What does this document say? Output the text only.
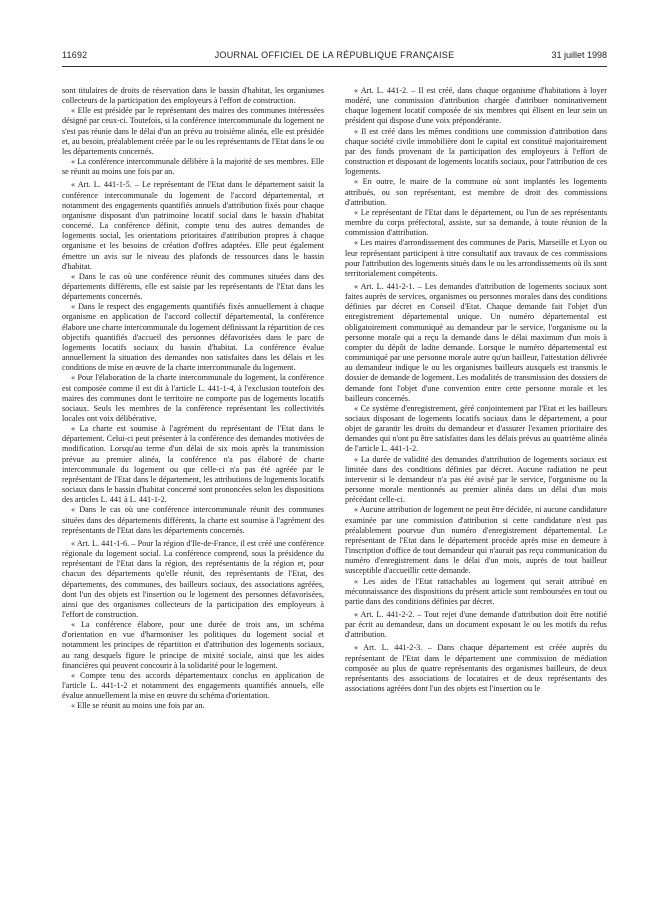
11692	JOURNAL OFFICIEL DE LA RÉPUBLIQUE FRANÇAISE	31 juillet 1998

sont titulaires de droits de réservation dans le bassin d'habitat, les organismes collecteurs de la participation des employeurs à l'effort de construction.

« Elle est présidée par le représentant des maires des communes intéressées désigné par ceux-ci. Toutefois, si la conférence intercommunale du logement ne s'est pas réunie dans le délai d'un an prévu au troisième alinéa, elle est présidée et, au besoin, préalablement créée par le ou les représentants de l'Etat dans le ou les départements concernés.

« La conférence intercommunale délibère à la majorité de ses membres. Elle se réunit au moins une fois par an.

« Art. L. 441-1-5. – Le représentant de l'Etat dans le département saisit la conférence intercommunale du logement de l'accord départemental, et notamment des engagements quantifiés annuels d'attribution fixés pour chaque organisme disposant d'un patrimoine locatif social dans le bassin d'habitat concerné. La conférence définit, compte tenu des autres demandes de logements social, les orientations prioritaires d'attribution propres à chaque organisme et les besoins de création d'offres adaptées. Elle peut également émettre un avis sur le niveau des plafonds de ressources dans le bassin d'habitat.

« Dans le cas où une conférence réunit des communes situées dans des départements différents, elle est saisie par les représentants de l'Etat dans les départements concernés.

« Dans le respect des engagements quantifiés fixés annuellement à chaque organisme en application de l'accord collectif départemental, la conférence élabore une charte intercommunale du logement définissant la répartition de ces objectifs quantifiés d'accueil des personnes défavorisées dans le parc de logements locatifs sociaux du bassin d'habitat. La conférence évalue annuellement la situation des demandes non satisfaites dans les délais et les conditions de mise en œuvre de la charte intercommunale du logement.

« Pour l'élaboration de la charte intercommunale du logement, la conférence est composée comme il est dit à l'article L. 441-1-4, à l'exclusion toutefois des maires des communes dont le territoire ne comporte pas de logements locatifs sociaux. Seuls les membres de la conférence représentant les collectivités locales ont voix délibérative.

« La charte est soumise à l'agrément du représentant de l'Etat dans le département. Celui-ci peut présenter à la conférence des demandes motivées de modification. Lorsqu'au terme d'un délai de six mois après la transmission prévue au premier alinéa, la conférence n'a pas élaboré de charte intercommunale du logement ou que celle-ci n'a pas été agréée par le représentant de l'Etat dans le département, les attributions de logements locatifs sociaux dans le bassin d'habitat concerné sont prononcées selon les dispositions des articles L. 441 à L. 441-1-2.

« Dans le cas où une conférence intercommunale réunit des communes situées dans des départements différents, la charte est soumise à l'agrément des représentants de l'Etat dans les départements concernés.

« Art. L. 441-1-6. – Pour la région d'Ile-de-France, il est créé une conférence régionale du logement social. La conférence comprend, sous la présidence du représentant de l'Etat dans la région, des représentants de la région et, pour chacun des départements qu'elle réunit, des représentants de l'Etat, des départements, des communes, des bailleurs sociaux, des associations agréées, dont l'un des objets est l'insertion ou le logement des personnes défavorisées, ainsi que des organismes collecteurs de la participation des employeurs à l'effort de construction.

« La conférence élabore, pour une durée de trois ans, un schéma d'orientation en vue d'harmoniser les politiques du logement social et notamment les principes de répartition et d'attribution des logements sociaux, au rang desquels figure le principe de mixité sociale, ainsi que les aides financières qui peuvent concourir à la solidarité pour le logement.

« Compte tenu des accords départementaux conclus en application de l'article L. 441-1-2 et notamment des engagements quantifiés annuels, elle évalue annuellement la mise en œuvre du schéma d'orientation.

« Elle se réunit au moins une fois par an.

« Art. L. 441-2. – Il est créé, dans chaque organisme d'habitations à loyer modéré, une commission d'attribution chargée d'attribuer nominativement chaque logement locatif composée de six membres qui élisent en leur sein un président qui dispose d'une voix prépondérante.

« Il est créé dans les mêmes conditions une commission d'attribution dans chaque société civile immobilière dont le capital est constitué majoritairement par des fonds provenant de la participation des employeurs à l'effort de construction et disposant de logements locatifs sociaux, pour l'attribution de ces logements.

« En outre, le maire de la commune où sont implantés les logements attribués, ou son représentant, est membre de droit des commissions d'attribution.

« Le représentant de l'Etat dans le département, ou l'un de ses représentants membre du corps préfectoral, assiste, sur sa demande, à toute réunion de la commission d'attribution.

« Les maires d'arrondissement des communes de Paris, Marseille et Lyon ou leur représentant participent à titre consultatif aux travaux de ces commissions pour l'attribution des logements situés dans le ou les arrondissements où ils sont territorialement compétents.

« Art. L. 441-2-1. – Les demandes d'attribution de logements sociaux sont faites auprès de services, organismes ou personnes morales dans des conditions définies par décret en Conseil d'Etat. Chaque demande fait l'objet d'un enregistrement départemental unique. Un numéro départemental est obligatoirement communiqué au demandeur par le service, l'organisme ou la personne morale qui a reçu la demande dans le délai maximum d'un mois à compter du dépôt de ladite demande. Lorsque le numéro départemental est communiqué par une personne morale autre qu'un bailleur, l'attestation délivrée au demandeur indique le ou les organismes bailleurs auxquels est transmis le dossier de demande de logement. Les modalités de transmission des dossiers de demande font l'objet d'une convention entre cette personne morale et les bailleurs concernés.

« Ce système d'enregistrement, géré conjointement par l'Etat et les bailleurs sociaux disposant de logements locatifs sociaux dans le département, a pour objet de garantir les droits du demandeur et d'assurer l'examen prioritaire des demandes qui n'ont pu être satisfaites dans les délais prévus au quatrième alinéa de l'article L. 441-1-2.

« La durée de validité des demandes d'attribution de logements sociaux est limitée dans des conditions définies par décret. Aucune radiation ne peut intervenir si le demandeur n'a pas été avisé par le service, l'organisme ou la personne morale mentionnés au premier alinéa dans un délai d'un mois précédant celle-ci.

« Aucune attribution de logement ne peut être décidée, ni aucune candidature examinée par une commission d'attribution si cette candidature n'est pas préalablement pourvue d'un numéro d'enregistrement départemental. Le représentant de l'Etat dans le département procède après mise en demeure à l'inscription d'office de tout demandeur qui n'aurait pas reçu communication du numéro d'enregistrement dans le délai d'un mois, auprès de tout bailleur susceptible d'accueillir cette demande.

« Les aides de l'Etat rattachables au logement qui serait attribué en méconnaissance des dispositions du présent article sont remboursées en tout ou partie dans des conditions définies par décret.

« Art. L. 441-2-2. – Tout rejet d'une demande d'attribution doit être notifié par écrit au demandeur, dans un document exposant le ou les motifs du refus d'attribution.

« Art. L. 441-2-3. – Dans chaque département est créée auprès du représentant de l'Etat dans le département une commission de médiation composée au plus de quatre représentants des organismes bailleurs, de deux représentants des associations de locataires et de deux représentants des associations agréées dont l'un des objets est l'insertion ou le
